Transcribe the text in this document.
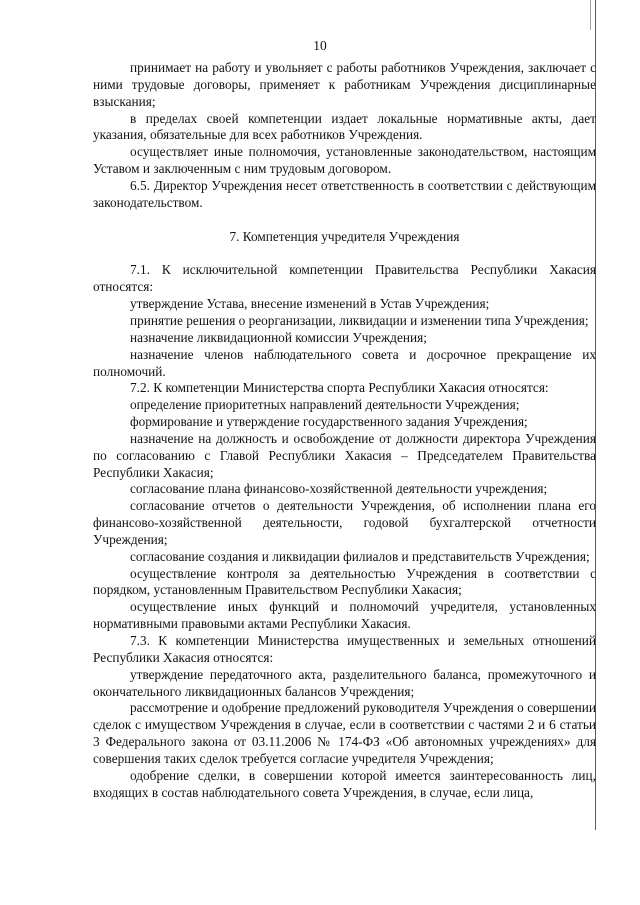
10

принимает на работу и увольняет с работы работников Учреждения, заключает с ними трудовые договоры, применяет к работникам Учреждения дисциплинарные взыскания;

в пределах своей компетенции издает локальные нормативные акты, дает указания, обязательные для всех работников Учреждения.

осуществляет иные полномочия, установленные законодательством, настоящим Уставом и заключенным с ним трудовым договором.

6.5. Директор Учреждения несет ответственность в соответствии с действующим законодательством.

7. Компетенция учредителя Учреждения

7.1. К исключительной компетенции Правительства Республики Хакасия относятся:

утверждение Устава, внесение изменений в Устав Учреждения;

принятие решения о реорганизации, ликвидации и изменении типа Учреждения;

назначение ликвидационной комиссии Учреждения;

назначение членов наблюдательного совета и досрочное прекращение их полномочий.

7.2. К компетенции Министерства спорта Республики Хакасия относятся:

определение приоритетных направлений деятельности Учреждения;

формирование и утверждение государственного задания Учреждения;

назначение на должность и освобождение от должности директора Учреждения по согласованию с Главой Республики Хакасия – Председателем Правительства Республики Хакасия;

согласование плана финансово-хозяйственной деятельности учреждения;

согласование отчетов о деятельности Учреждения, об исполнении плана его финансово-хозяйственной деятельности, годовой бухгалтерской отчетности Учреждения;

согласование создания и ликвидации филиалов и представительств Учреждения;

осуществление контроля за деятельностью Учреждения в соответствии с порядком, установленным Правительством Республики Хакасия;

осуществление иных функций и полномочий учредителя, установленных нормативными правовыми актами Республики Хакасия.

7.3. К компетенции Министерства имущественных и земельных отношений Республики Хакасия относятся:

утверждение передаточного акта, разделительного баланса, промежуточного и окончательного ликвидационных балансов Учреждения;

рассмотрение и одобрение предложений руководителя Учреждения о совершении сделок с имуществом Учреждения в случае, если в соответствии с частями 2 и 6 статьи 3 Федерального закона от 03.11.2006 № 174-ФЗ «Об автономных учреждениях» для совершения таких сделок требуется согласие учредителя Учреждения;

одобрение сделки, в совершении которой имеется заинтересованность лиц, входящих в состав наблюдательного совета Учреждения, в случае, если лица,
